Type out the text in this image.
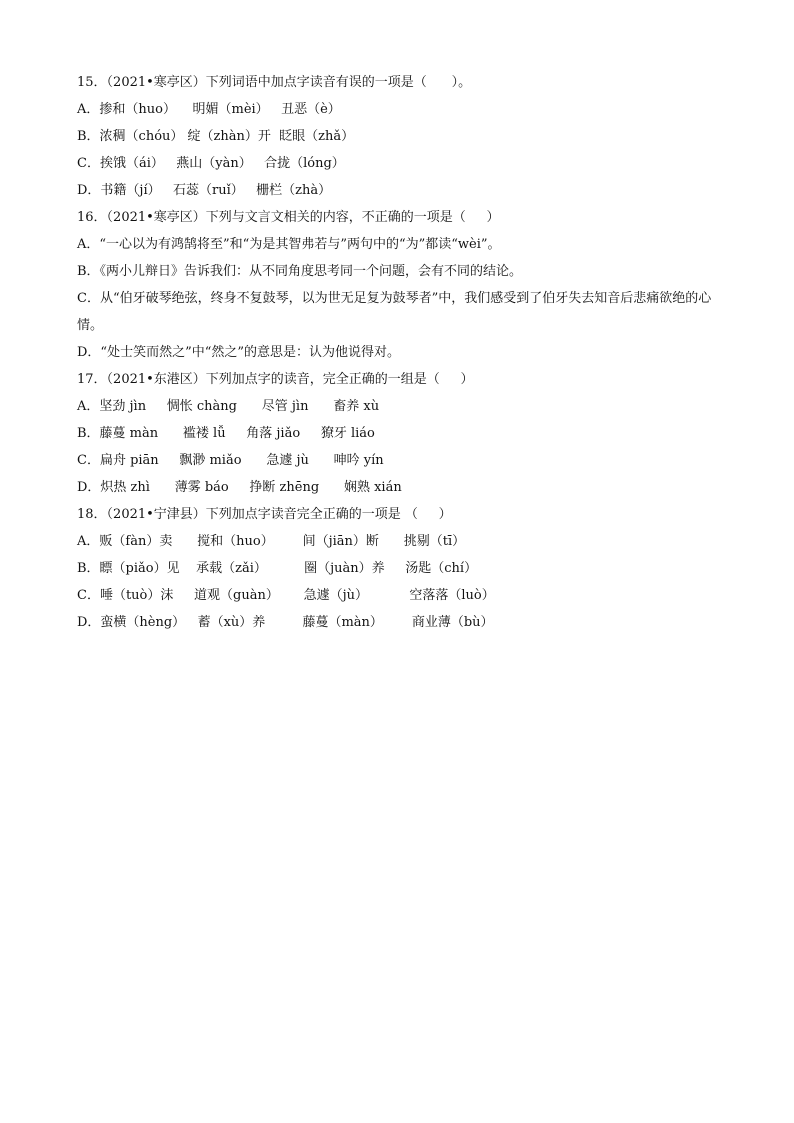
15．（2021•寒亭区）下列词语中加点字读音有误的一项是（      ）。
A．掺和（huo）    明媚（mèi）   丑恶（è）
B．浓稠（chóu） 绽（zhàn）开  眨眼（zhǎ）
C．挨饿（ái）   燕山（yàn）   合拢（lóng）
D．书籍（jí）   石蕊（ruǐ）   栅栏（zhà）
16．（2021•寒亭区）下列与文言文相关的内容，不正确的一项是（     ）
A．“一心以为有鸿鹄将至”和“为是其智弗若与”两句中的“为”都读“wèi”。
B．《两小儿辩日》告诉我们：从不同角度思考同一个问题，会有不同的结论。
C．从“伯牙破琴绝弦，终身不复鼓琴，以为世无足复为鼓琴者”中，我们感受到了伯牙失去知音后悲痛欲绝的心情。
D．“处士笑而然之”中“然之”的意思是：认为他说得对。
17．（2021•东港区）下列加点字的读音，完全正确的一组是（     ）
A．坚劲 jìn     惆怅 chàng      尽管 jìn      畜养 xù
B．藤蔓 màn      褴褛 lǚ     角落 jiǎo     獠牙 liáo
C．扁舟 piān     飘渺 miǎo      急遽 jù      呻吟 yín
D．炽热 zhì      薄雾 báo     挣断 zhēng      娴熟 xián
18．（2021•宁津县）下列加点字读音完全正确的一项是 （     ）
A．贩（fàn）卖      搅和（huo）       间（jiān）断      挑剔（tī）
B．瞟（piǎo）见    承载（zǎi）         圈（juàn）养     汤匙（chí）
C．唾（tuò）沫     道观（guàn）      急遽（jù）          空落落（luò）
D．蛮横（hèng）   蓄（xù）养         藤蔓（màn）       商业薄（bù）
